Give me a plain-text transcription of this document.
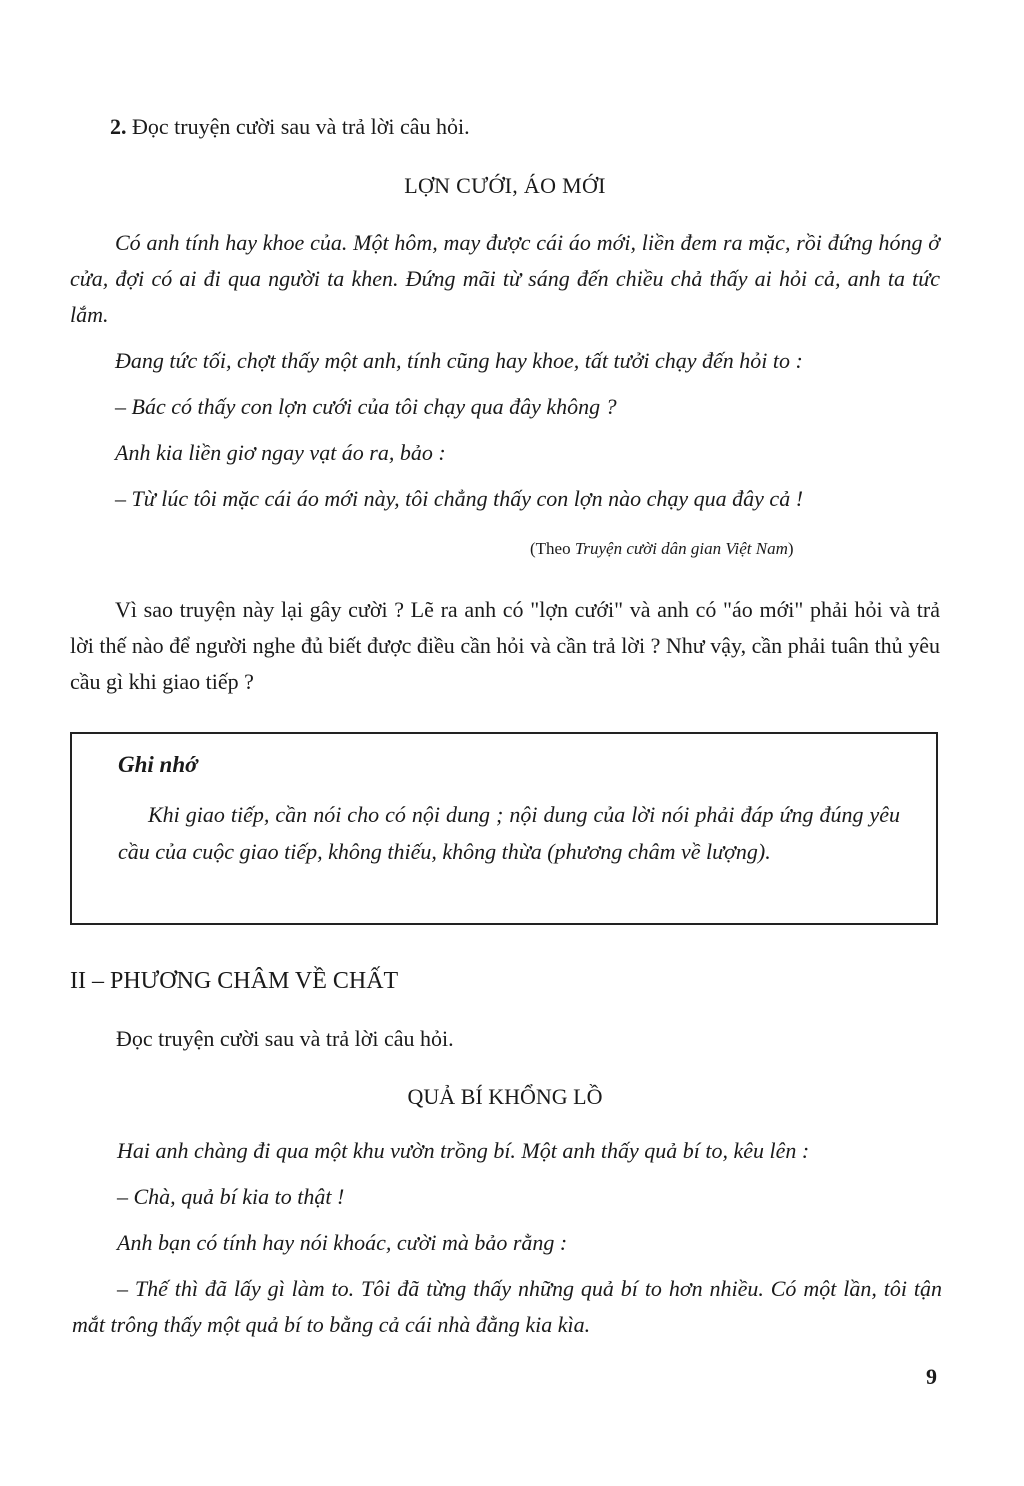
2. Đọc truyện cười sau và trả lời câu hỏi.

LỢN CƯỚI, ÁO MỚI

Có anh tính hay khoe của. Một hôm, may được cái áo mới, liền đem ra mặc, rồi đứng hóng ở cửa, đợi có ai đi qua người ta khen. Đứng mãi từ sáng đến chiều chả thấy ai hỏi cả, anh ta tức lắm.

Đang tức tối, chợt thấy một anh, tính cũng hay khoe, tất tưởi chạy đến hỏi to :

– Bác có thấy con lợn cưới của tôi chạy qua đây không ?

Anh kia liền giơ ngay vạt áo ra, bảo :

– Từ lúc tôi mặc cái áo mới này, tôi chẳng thấy con lợn nào chạy qua đây cả !

(Theo Truyện cười dân gian Việt Nam)

Vì sao truyện này lại gây cười ? Lẽ ra anh có "lợn cưới" và anh có "áo mới" phải hỏi và trả lời thế nào để người nghe đủ biết được điều cần hỏi và cần trả lời ? Như vậy, cần phải tuân thủ yêu cầu gì khi giao tiếp ?

Ghi nhớ

Khi giao tiếp, cần nói cho có nội dung ; nội dung của lời nói phải đáp ứng đúng yêu cầu của cuộc giao tiếp, không thiếu, không thừa (phương châm về lượng).

II – PHƯƠNG CHÂM VỀ CHẤT

Đọc truyện cười sau và trả lời câu hỏi.

QUẢ BÍ KHỔNG LỒ

Hai anh chàng đi qua một khu vườn trồng bí. Một anh thấy quả bí to, kêu lên :

– Chà, quả bí kia to thật !

Anh bạn có tính hay nói khoác, cười mà bảo rằng :

– Thế thì đã lấy gì làm to. Tôi đã từng thấy những quả bí to hơn nhiều. Có một lần, tôi tận mắt trông thấy một quả bí to bằng cả cái nhà đằng kia kìa.

9
